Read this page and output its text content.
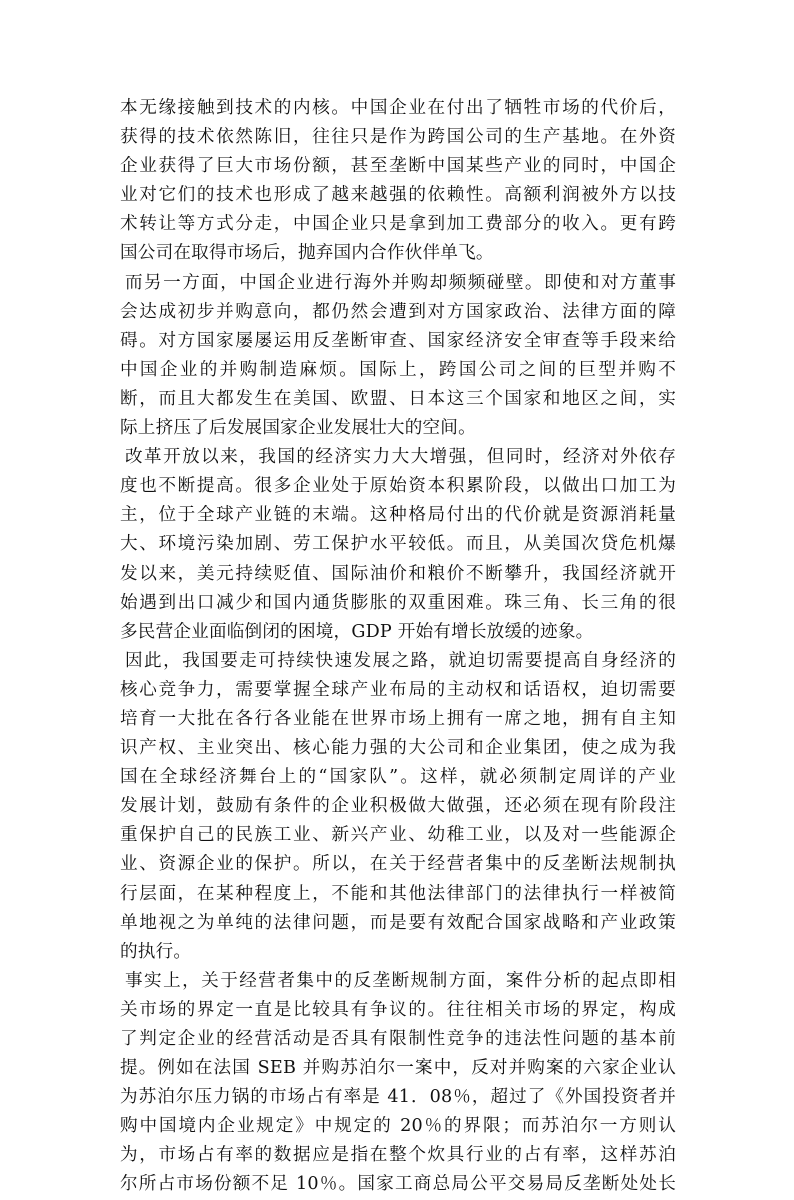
本无缘接触到技术的内核。中国企业在付出了牺牲市场的代价后，
获得的技术依然陈旧，往往只是作为跨国公司的生产基地。在外资
企业获得了巨大市场份额，甚至垄断中国某些产业的同时，中国企
业对它们的技术也形成了越来越强的依赖性。高额利润被外方以技
术转让等方式分走，中国企业只是拿到加工费部分的收入。更有跨
国公司在取得市场后，抛弃国内合作伙伴单飞。
而另一方面，中国企业进行海外并购却频频碰壁。即使和对方董事
会达成初步并购意向，都仍然会遭到对方国家政治、法律方面的障
碍。对方国家屡屡运用反垄断审查、国家经济安全审查等手段来给
中国企业的并购制造麻烦。国际上，跨国公司之间的巨型并购不
断，而且大都发生在美国、欧盟、日本这三个国家和地区之间，实
际上挤压了后发展国家企业发展壮大的空间。
改革开放以来，我国的经济实力大大增强，但同时，经济对外依存
度也不断提高。很多企业处于原始资本积累阶段，以做出口加工为
主，位于全球产业链的末端。这种格局付出的代价就是资源消耗量
大、环境污染加剧、劳工保护水平较低。而且，从美国次贷危机爆
发以来，美元持续贬值、国际油价和粮价不断攀升，我国经济就开
始遇到出口减少和国内通货膨胀的双重困难。珠三角、长三角的很
多民营企业面临倒闭的困境，GDP 开始有增长放缓的迹象。
因此，我国要走可持续快速发展之路，就迫切需要提高自身经济的
核心竞争力，需要掌握全球产业布局的主动权和话语权，迫切需要
培育一大批在各行各业能在世界市场上拥有一席之地，拥有自主知
识产权、主业突出、核心能力强的大公司和企业集团，使之成为我
国在全球经济舞台上的“国家队”。这样，就必须制定周详的产业
发展计划，鼓励有条件的企业积极做大做强，还必须在现有阶段注
重保护自己的民族工业、新兴产业、幼稚工业，以及对一些能源企
业、资源企业的保护。所以，在关于经营者集中的反垄断法规制执
行层面，在某种程度上，不能和其他法律部门的法律执行一样被简
单地视之为单纯的法律问题，而是要有效配合国家战略和产业政策
的执行。
事实上，关于经营者集中的反垄断规制方面，案件分析的起点即相
关市场的界定一直是比较具有争议的。往往相关市场的界定，构成
了判定企业的经营活动是否具有限制性竞争的违法性问题的基本前
提。例如在法国 SEB 并购苏泊尔一案中，反对并购案的六家企业认
为苏泊尔压力锅的市场占有率是 41．08％，超过了《外国投资者并
购中国境内企业规定》中规定的 20％的界限；而苏泊尔一方则认
为，市场占有率的数据应是指在整个炊具行业的占有率，这样苏泊
尔所占市场份额不足 10％。国家工商总局公平交易局反垄断处处长
